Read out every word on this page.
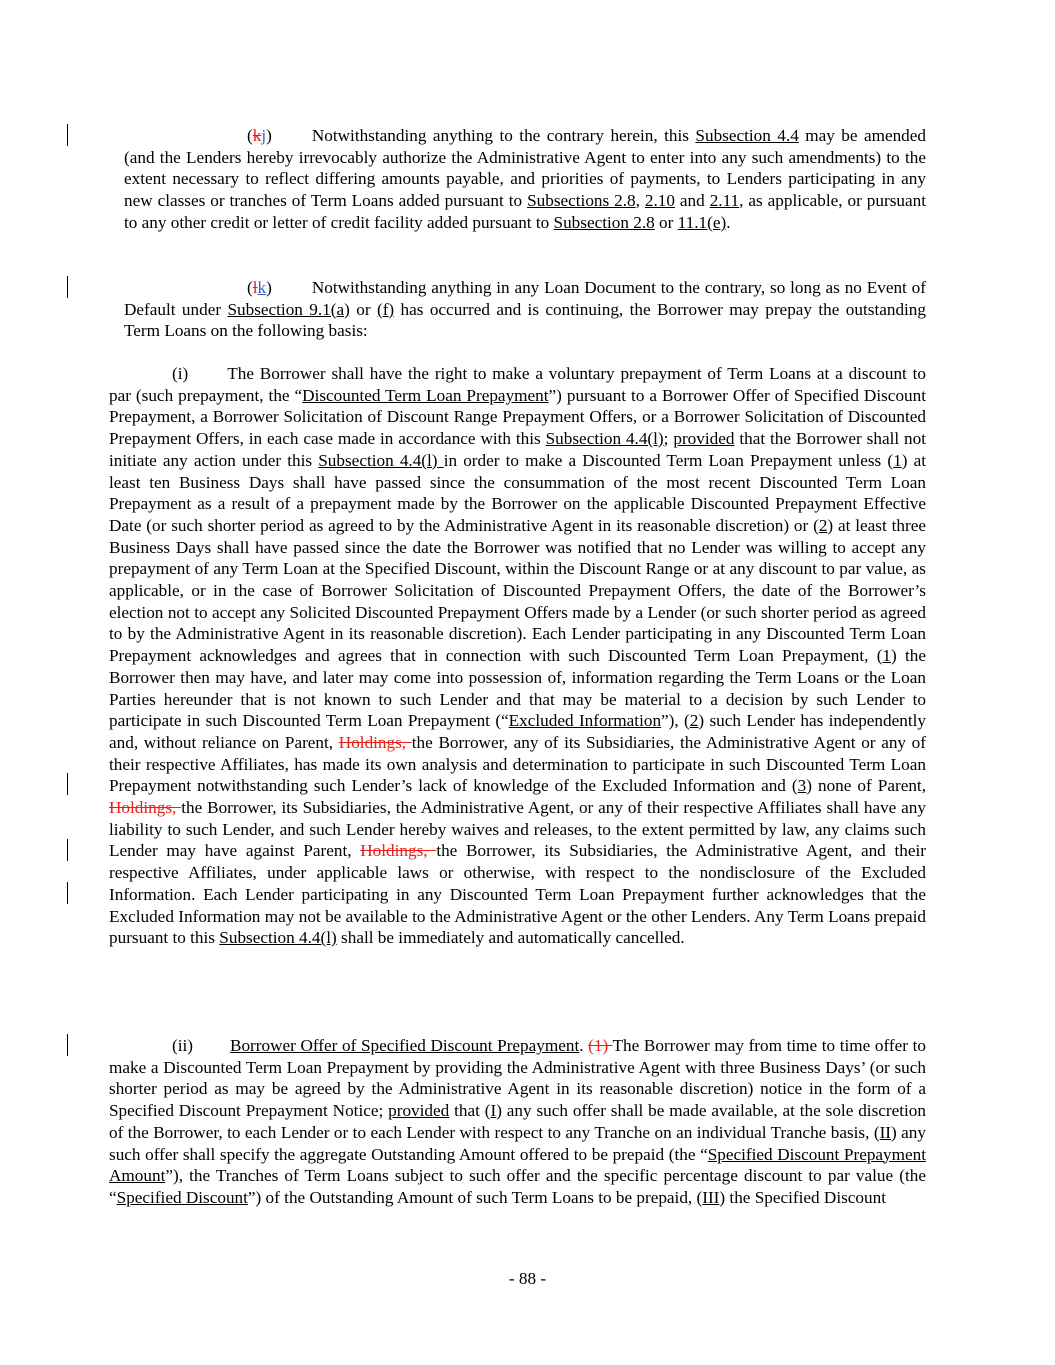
(kj) Notwithstanding anything to the contrary herein, this Subsection 4.4 may be amended (and the Lenders hereby irrevocably authorize the Administrative Agent to enter into any such amendments) to the extent necessary to reflect differing amounts payable, and priorities of payments, to Lenders participating in any new classes or tranches of Term Loans added pursuant to Subsections 2.8, 2.10 and 2.11, as applicable, or pursuant to any other credit or letter of credit facility added pursuant to Subsection 2.8 or 11.1(e).

(lk) Notwithstanding anything in any Loan Document to the contrary, so long as no Event of Default under Subsection 9.1(a) or (f) has occurred and is continuing, the Borrower may prepay the outstanding Term Loans on the following basis:

(i) The Borrower shall have the right to make a voluntary prepayment of Term Loans at a discount to par (such prepayment, the “Discounted Term Loan Prepayment”) pursuant to a Borrower Offer of Specified Discount Prepayment, a Borrower Solicitation of Discount Range Prepayment Offers, or a Borrower Solicitation of Discounted Prepayment Offers, in each case made in accordance with this Subsection 4.4(l); provided that the Borrower shall not initiate any action under this Subsection 4.4(l) in order to make a Discounted Term Loan Prepayment unless (1) at least ten Business Days shall have passed since the consummation of the most recent Discounted Term Loan Prepayment as a result of a prepayment made by the Borrower on the applicable Discounted Prepayment Effective Date (or such shorter period as agreed to by the Administrative Agent in its reasonable discretion) or (2) at least three Business Days shall have passed since the date the Borrower was notified that no Lender was willing to accept any prepayment of any Term Loan at the Specified Discount, within the Discount Range or at any discount to par value, as applicable, or in the case of Borrower Solicitation of Discounted Prepayment Offers, the date of the Borrower’s election not to accept any Solicited Discounted Prepayment Offers made by a Lender (or such shorter period as agreed to by the Administrative Agent in its reasonable discretion). Each Lender participating in any Discounted Term Loan Prepayment acknowledges and agrees that in connection with such Discounted Term Loan Prepayment, (1) the Borrower then may have, and later may come into possession of, information regarding the Term Loans or the Loan Parties hereunder that is not known to such Lender and that may be material to a decision by such Lender to participate in such Discounted Term Loan Prepayment (“Excluded Information”), (2) such Lender has independently and, without reliance on Parent, Holdings, the Borrower, any of its Subsidiaries, the Administrative Agent or any of their respective Affiliates, has made its own analysis and determination to participate in such Discounted Term Loan Prepayment notwithstanding such Lender’s lack of knowledge of the Excluded Information and (3) none of Parent, Holdings, the Borrower, its Subsidiaries, the Administrative Agent, or any of their respective Affiliates shall have any liability to such Lender, and such Lender hereby waives and releases, to the extent permitted by law, any claims such Lender may have against Parent, Holdings, the Borrower, its Subsidiaries, the Administrative Agent, and their respective Affiliates, under applicable laws or otherwise, with respect to the nondisclosure of the Excluded Information. Each Lender participating in any Discounted Term Loan Prepayment further acknowledges that the Excluded Information may not be available to the Administrative Agent or the other Lenders. Any Term Loans prepaid pursuant to this Subsection 4.4(l) shall be immediately and automatically cancelled.

(ii) Borrower Offer of Specified Discount Prepayment. (1) The Borrower may from time to time offer to make a Discounted Term Loan Prepayment by providing the Administrative Agent with three Business Days’ (or such shorter period as may be agreed by the Administrative Agent in its reasonable discretion) notice in the form of a Specified Discount Prepayment Notice; provided that (I) any such offer shall be made available, at the sole discretion of the Borrower, to each Lender or to each Lender with respect to any Tranche on an individual Tranche basis, (II) any such offer shall specify the aggregate Outstanding Amount offered to be prepaid (the “Specified Discount Prepayment Amount”), the Tranches of Term Loans subject to such offer and the specific percentage discount to par value (the “Specified Discount”) of the Outstanding Amount of such Term Loans to be prepaid, (III) the Specified Discount

- 88 -
